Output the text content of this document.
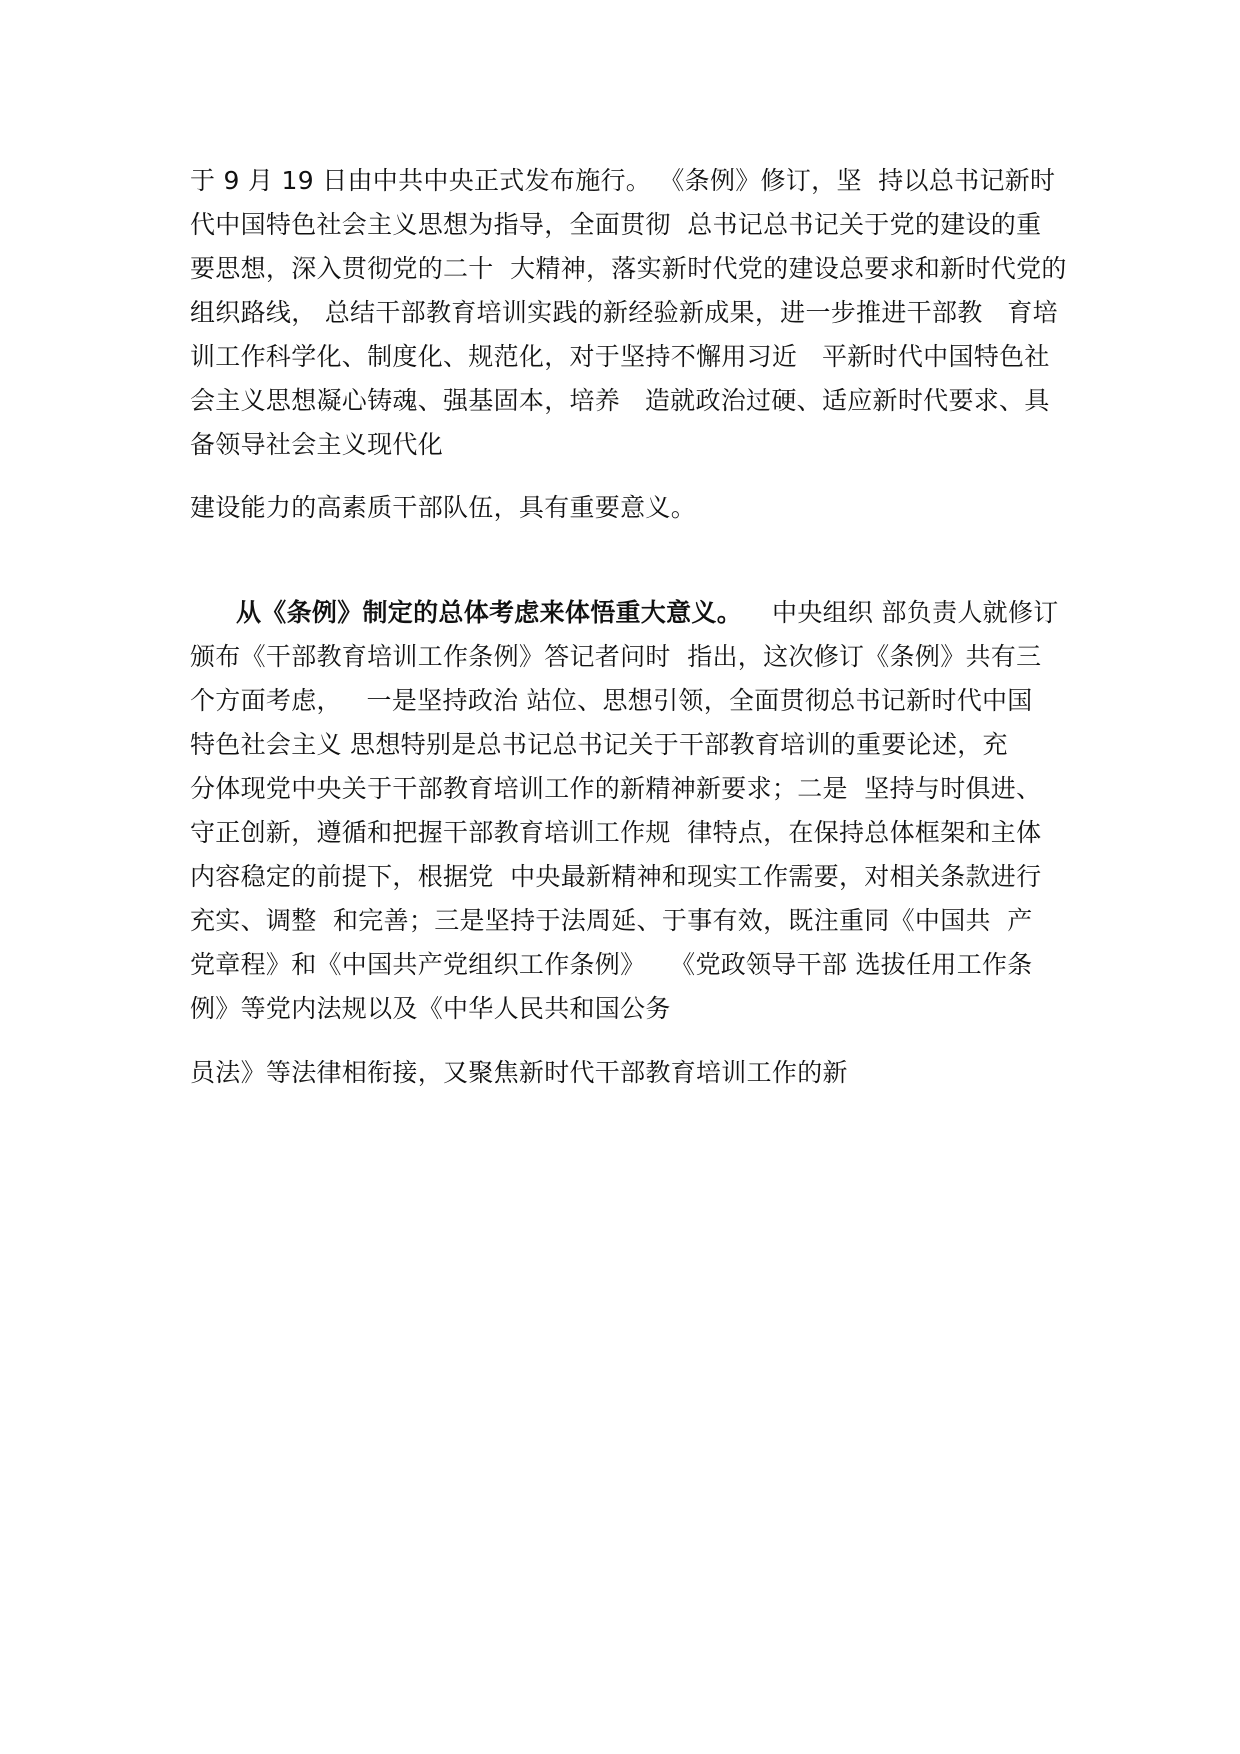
于 9 月 19 日由中共中央正式发布施行。 《条例》修订，坚  持以总书记新时
代中国特色社会主义思想为指导，全面贯彻  总书记总书记关于党的建设的重
要思想，深入贯彻党的二十  大精神，落实新时代党的建设总要求和新时代党的
组织路线， 总结干部教育培训实践的新经验新成果，进一步推进干部教   育培
训工作科学化、制度化、规范化，对于坚持不懈用习近   平新时代中国特色社
会主义思想凝心铸魂、强基固本，培养   造就政治过硬、适应新时代要求、具
备领导社会主义现代化
建设能力的高素质干部队伍，具有重要意义。
从《条例》制定的总体考虑来体悟重大意义。 中央组织 部负责人就修订
颁布《干部教育培训工作条例》答记者问时  指出，这次修订《条例》共有三
个方面考虑，   一是坚持政治 站位、思想引领，全面贯彻总书记新时代中国
特色社会主义 思想特别是总书记总书记关于干部教育培训的重要论述，充
分体现党中央关于干部教育培训工作的新精神新要求；二是  坚持与时俱进、
守正创新，遵循和把握干部教育培训工作规  律特点，在保持总体框架和主体
内容稳定的前提下，根据党  中央最新精神和现实工作需要，对相关条款进行
充实、调整  和完善；三是坚持于法周延、于事有效，既注重同《中国共  产
党章程》和《中国共产党组织工作条例》   《党政领导干部 选拔任用工作条
例》等党内法规以及《中华人民共和国公务
员法》等法律相衔接，又聚焦新时代干部教育培训工作的新
